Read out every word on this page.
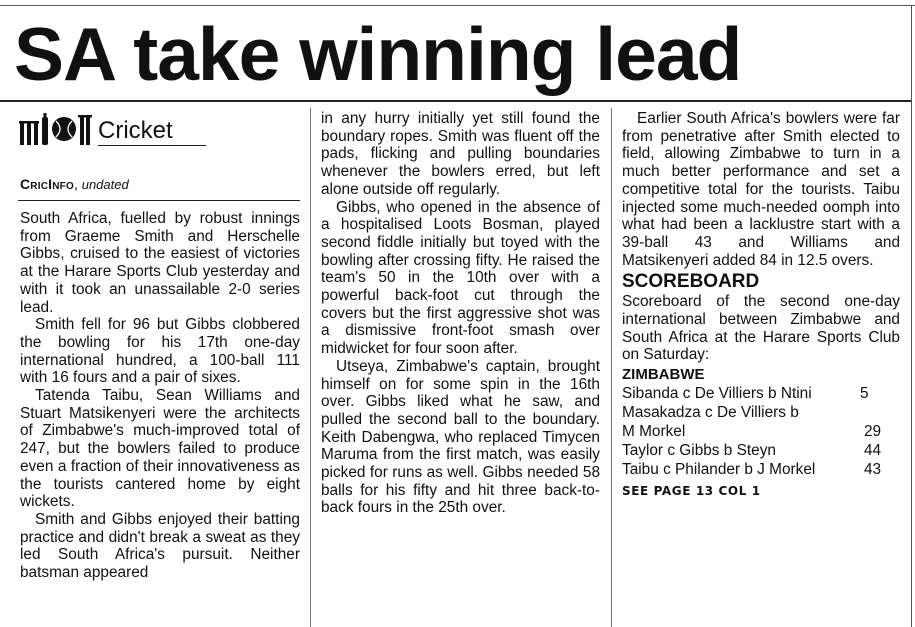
SA take winning lead
Cricket
CricInfo, undated

South Africa, fuelled by robust innings from Graeme Smith and Herschelle Gibbs, cruised to the easiest of victories at the Harare Sports Club yesterday and with it took an unassailable 2-0 series lead.

Smith fell for 96 but Gibbs clobbered the bowling for his 17th one-day international hundred, a 100-ball 111 with 16 fours and a pair of sixes.

Tatenda Taibu, Sean Williams and Stuart Matsikenyeri were the architects of Zimbabwe's much-improved total of 247, but the bowlers failed to produce even a fraction of their innovativeness as the tourists cantered home by eight wickets.

Smith and Gibbs enjoyed their batting practice and didn't break a sweat as they led South Africa's pursuit. Neither batsman appeared

in any hurry initially yet still found the boundary ropes. Smith was fluent off the pads, flicking and pulling boundaries whenever the bowlers erred, but left alone outside off regularly.

Gibbs, who opened in the absence of a hospitalised Loots Bosman, played second fiddle initially but toyed with the bowling after crossing fifty. He raised the team's 50 in the 10th over with a powerful back-foot cut through the covers but the first aggressive shot was a dismissive front-foot smash over midwicket for four soon after.

Utseya, Zimbabwe's captain, brought himself on for some spin in the 16th over. Gibbs liked what he saw, and pulled the second ball to the boundary. Keith Dabengwa, who replaced Timycen Maruma from the first match, was easily picked for runs as well. Gibbs needed 58 balls for his fifty and hit three back-to-back fours in the 25th over.

Earlier South Africa's bowlers were far from penetrative after Smith elected to field, allowing Zimbabwe to turn in a much better performance and set a competitive total for the tourists. Taibu injected some much-needed oomph into what had been a lacklustre start with a 39-ball 43 and Williams and Matsikenyeri added 84 in 12.5 overs.

SCOREBOARD

Scoreboard of the second one-day international between Zimbabwe and South Africa at the Harare Sports Club on Saturday:

ZIMBABWE
Sibanda c De Villiers b Ntini	5
Masakadza c De Villiers b
M Morkel	29
Taylor c Gibbs b Steyn	44
Taibu c Philander b J Morkel	43
SEE PAGE 13 COL 1
